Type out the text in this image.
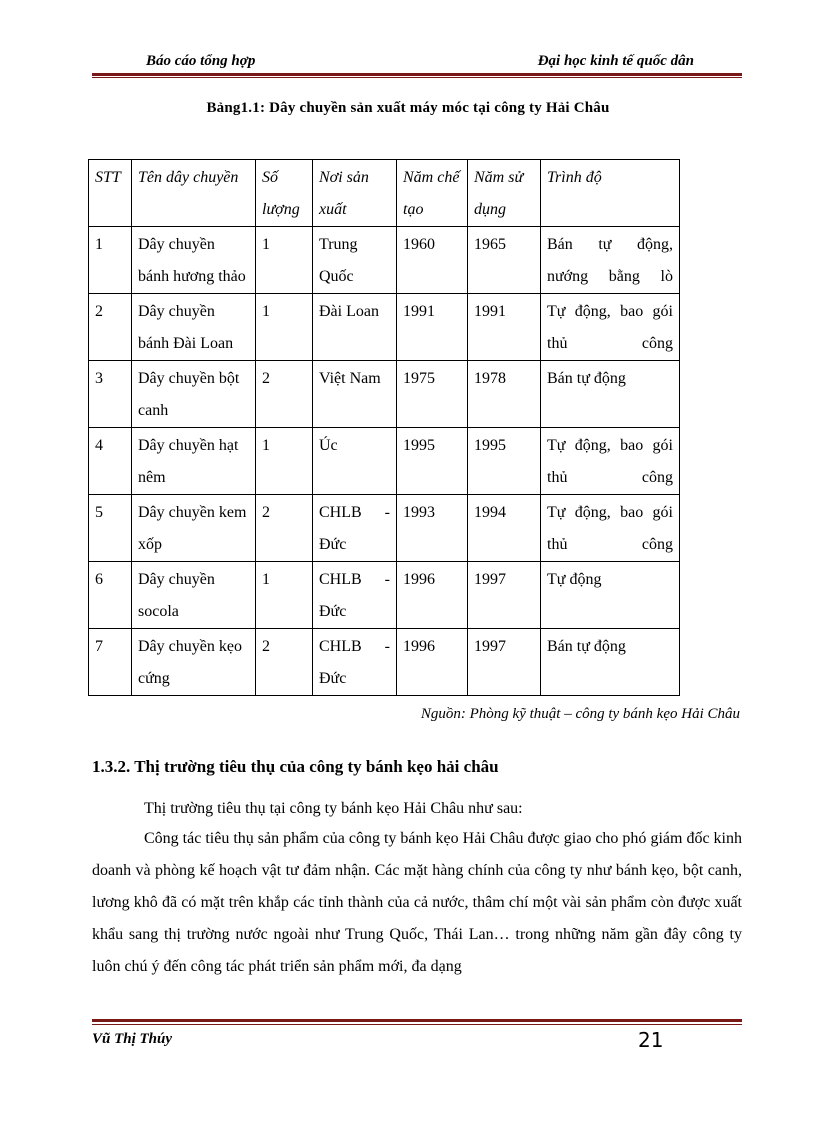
Báo cáo tổng hợp	Đại học kinh tế quốc dân
Bảng1.1: Dây chuyền sản xuất máy móc tại công ty Hải Châu
STT	Tên dây chuyền	Số lượng	Nơi sản xuất	Năm chế tạo	Năm sử dụng	Trình độ
1	Dây chuyền bánh hương thảo	1	Trung Quốc	1960	1965	Bán tự động, nướng bằng lò
2	Dây chuyền bánh Đài Loan	1	Đài Loan	1991	1991	Tự động, bao gói thủ công
3	Dây chuyền bột canh	2	Việt Nam	1975	1978	Bán tự động
4	Dây chuyền hạt nêm	1	Úc	1995	1995	Tự động, bao gói thủ công
5	Dây chuyền kem xốp	2	CHLB - Đức	1993	1994	Tự động, bao gói thủ công
6	Dây chuyền socola	1	CHLB - Đức	1996	1997	Tự động
7	Dây chuyền kẹo cứng	2	CHLB - Đức	1996	1997	Bán tự động
Nguồn: Phòng kỹ thuật – công ty bánh kẹo Hải Châu
1.3.2. Thị trường tiêu thụ của công ty bánh kẹo hải châu
Thị trường tiêu thụ tại công ty bánh kẹo Hải Châu như sau:
Công tác tiêu thụ sản phẩm của công ty bánh kẹo Hải Châu được giao cho phó giám đốc kinh doanh và phòng kế hoạch vật tư đảm nhận. Các mặt hàng chính của công ty như bánh kẹo, bột canh, lương khô đã có mặt trên khắp các tỉnh thành của cả nước, thâm chí một vài sản phẩm còn được xuất khẩu sang thị trường nước ngoài như Trung Quốc, Thái Lan… trong những năm gần đây công ty luôn chú ý đến công tác phát triển sản phẩm mới, đa dạng
Vũ Thị Thúy	21
